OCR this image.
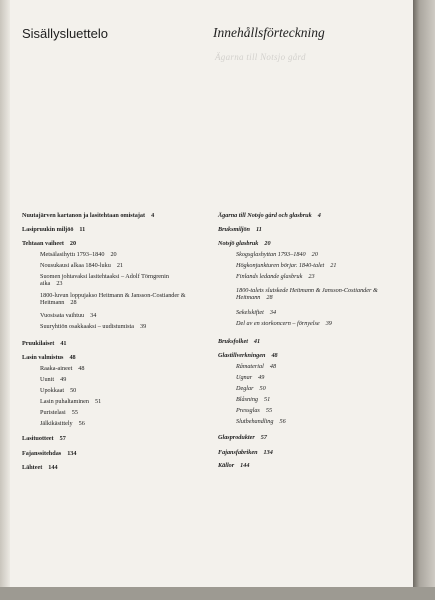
Sisällysluettelo	Innehållsförteckning
Ägarna till Notsjo gård
Nuutajärven kartanon ja lasitehtaan omistajat 4
Lasipruukin miljöö 11
Tehtaan vaiheet 20
Metsälasihyttı 1793–1840 20
Nousukausi alkaa 1840-luku 21
Suomen johtavaksi lasitehtaaksi – Adolf Törngrenin aika 23
1800-luvun loppujakso Heitmann & Jansson-Costiander & Heitmann 28
Vuosisata vaihtuu 34
Suuryhtiön osakkaaksi – uudistumista 39
Pruukilaiset 41
Lasin valmistus 48
Raaka-aineet 48
Uunit 49
Upokkaat 50
Lasin puhaltaminen 51
Puristelasi 55
Jälkikäsittely 56
Lasituotteet 57
Fajanssitehdas 134
Lähteet 144
Ägarna till Notsjo gård och glasbruk 4
Bruksmiljön 11
Notsjö glasbruk 20
Skogsglashyttan 1793–1840 20
Högkonjunkturen börjar. 1840-talet 21
Finlands ledande glasbruk 23
1800-talets slutskede Heitmann & Jansson-Costiander & Heitmann 28
Sekelskiftet 34
Del av en storkoncern – förnyelse 39
Bruksfolket 41
Glastillverkningen 48
Råmaterial 48
Ugnar 49
Deglar 50
Blåsning 51
Pressglas 55
Slutbehandling 56
Glasprodukter 57
Fajansfabriken 134
Källor 144
